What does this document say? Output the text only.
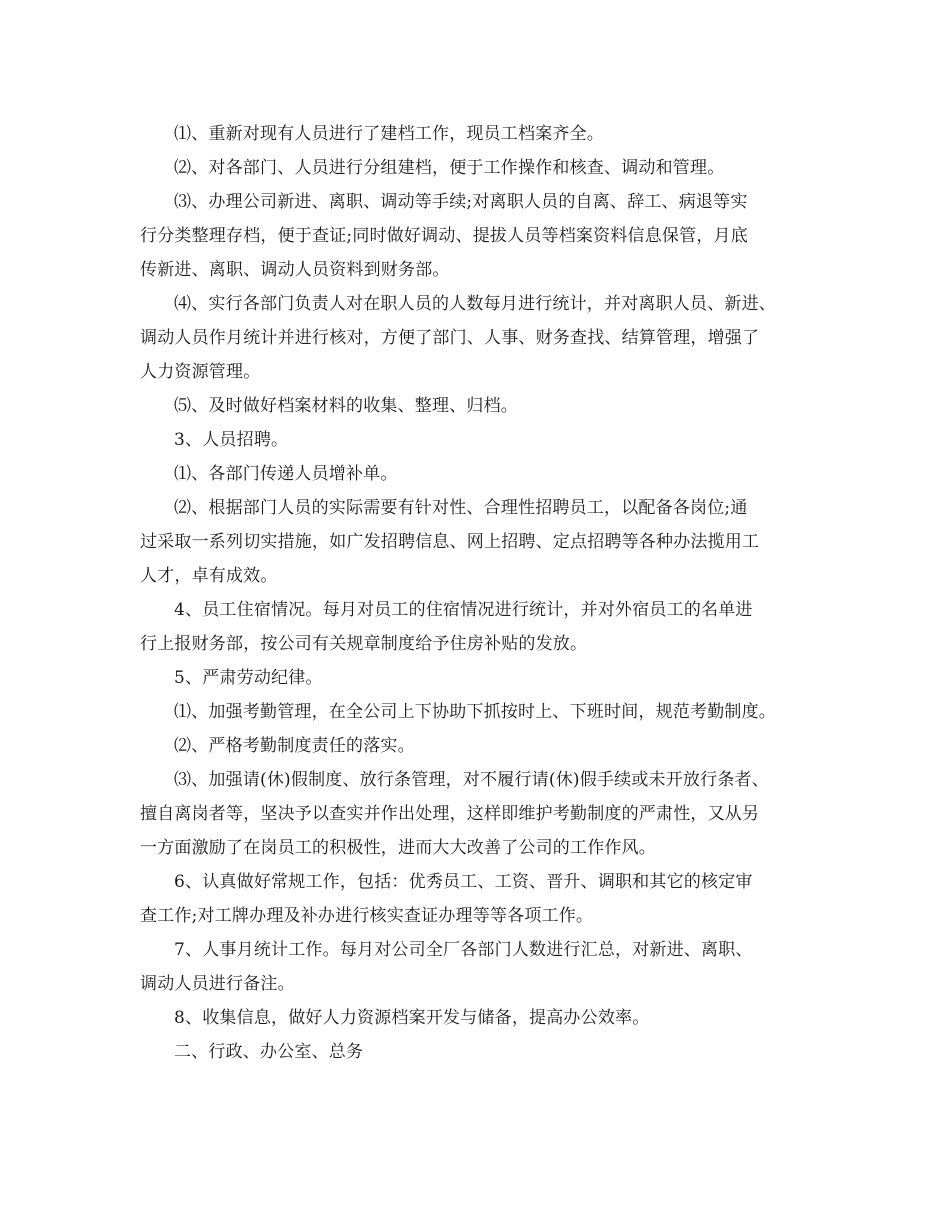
⑴、重新对现有人员进行了建档工作，现员工档案齐全。
⑵、对各部门、人员进行分组建档，便于工作操作和核查、调动和管理。
⑶、办理公司新进、离职、调动等手续;对离职人员的自离、辞工、病退等实
行分类整理存档，便于查证;同时做好调动、提拔人员等档案资料信息保管，月底
传新进、离职、调动人员资料到财务部。
⑷、实行各部门负责人对在职人员的人数每月进行统计，并对离职人员、新进、
调动人员作月统计并进行核对，方便了部门、人事、财务查找、结算管理，增强了
人力资源管理。
⑸、及时做好档案材料的收集、整理、归档。
3、人员招聘。
⑴、各部门传递人员增补单。
⑵、根据部门人员的实际需要有针对性、合理性招聘员工，以配备各岗位;通
过采取一系列切实措施，如广发招聘信息、网上招聘、定点招聘等各种办法揽用工
人才，卓有成效。
4、员工住宿情况。每月对员工的住宿情况进行统计，并对外宿员工的名单进
行上报财务部，按公司有关规章制度给予住房补贴的发放。
5、严肃劳动纪律。
⑴、加强考勤管理，在全公司上下协助下抓按时上、下班时间，规范考勤制度。
⑵、严格考勤制度责任的落实。
⑶、加强请(休)假制度、放行条管理，对不履行请(休)假手续或未开放行条者、
擅自离岗者等，坚决予以查实并作出处理，这样即维护考勤制度的严肃性，又从另
一方面激励了在岗员工的积极性，进而大大改善了公司的工作作风。
6、认真做好常规工作，包括：优秀员工、工资、晋升、调职和其它的核定审
查工作;对工牌办理及补办进行核实查证办理等等各项工作。
7、人事月统计工作。每月对公司全厂各部门人数进行汇总，对新进、离职、
调动人员进行备注。
8、收集信息，做好人力资源档案开发与储备，提高办公效率。
二、行政、办公室、总务
